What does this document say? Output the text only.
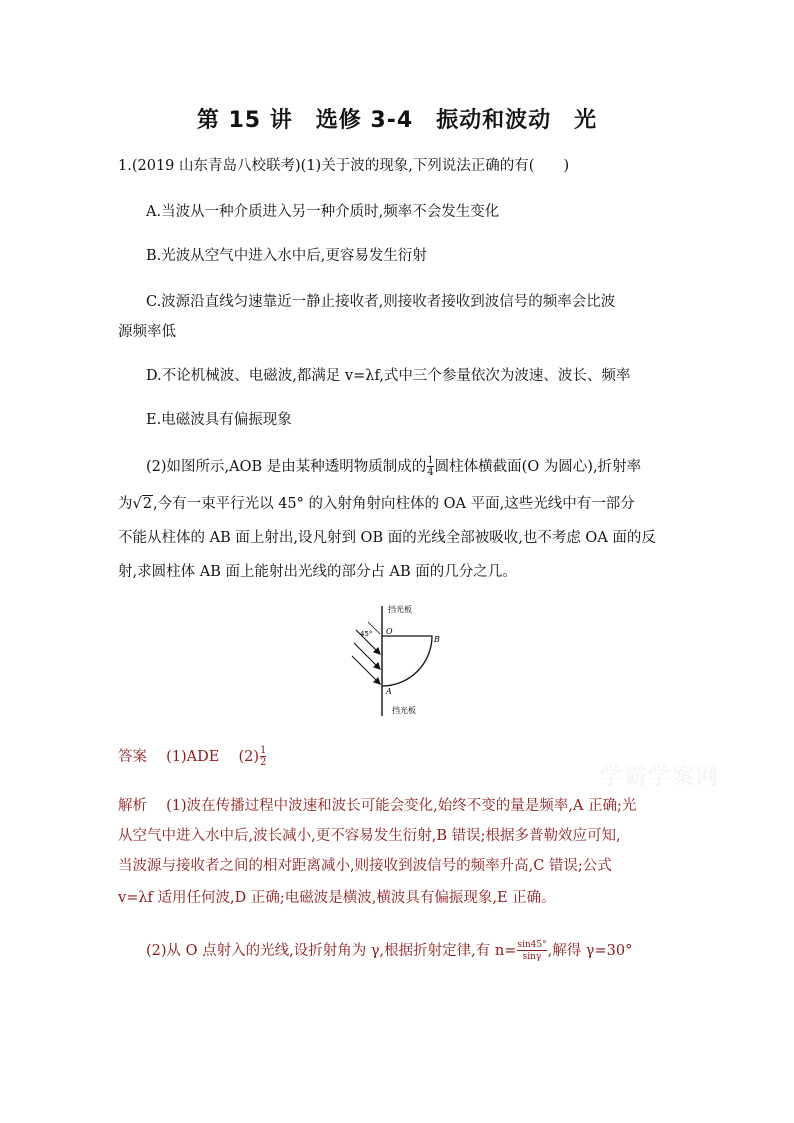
第 15 讲　选修 3-4　振动和波动　光
1.(2019 山东青岛八校联考)(1)关于波的现象,下列说法正确的有(　　)
A.当波从一种介质进入另一种介质时,频率不会发生变化
B.光波从空气中进入水中后,更容易发生衍射
C.波源沿直线匀速靠近一静止接收者,则接收者接收到波信号的频率会比波
源频率低
D.不论机械波、电磁波,都满足 v=λf,式中三个参量依次为波速、波长、频率
E.电磁波具有偏振现象
(2)如图所示,AOB 是由某种透明物质制成的 $\frac{1}{4}$ 圆柱体横截面(O 为圆心),折射率
为√2,今有一束平行光以 45° 的入射角射向柱体的 OA 平面,这些光线中有一部分
不能从柱体的 AB 面上射出,设凡射到 OB 面的光线全部被吸收,也不考虑 OA 面的反
射,求圆柱体 AB 面上能射出光线的部分占 AB 面的几分之几。
挡光板
45° O
B
A
挡光板
答案　 (1)ADE　 $(2) \frac{1}{2}$
学霸学案网
解析　 (1)波在传播过程中波速和波长可能会变化,始终不变的量是频率,A 正确;光
从空气中进入水中后,波长减小,更不容易发生衍射,B 错误;根据多普勒效应可知,
当波源与接收者之间的相对距离减小,则接收到波信号的频率升高,C 错误;公式
v=λf 适用任何波,D 正确;电磁波是横波,横波具有偏振现象,E 正确。
(2)从 O 点射入的光线,设折射角为 γ,根据折射定律,有 $n= \frac{\sin 45^\circ}{\sin\gamma}$ ,解得 γ=30°
